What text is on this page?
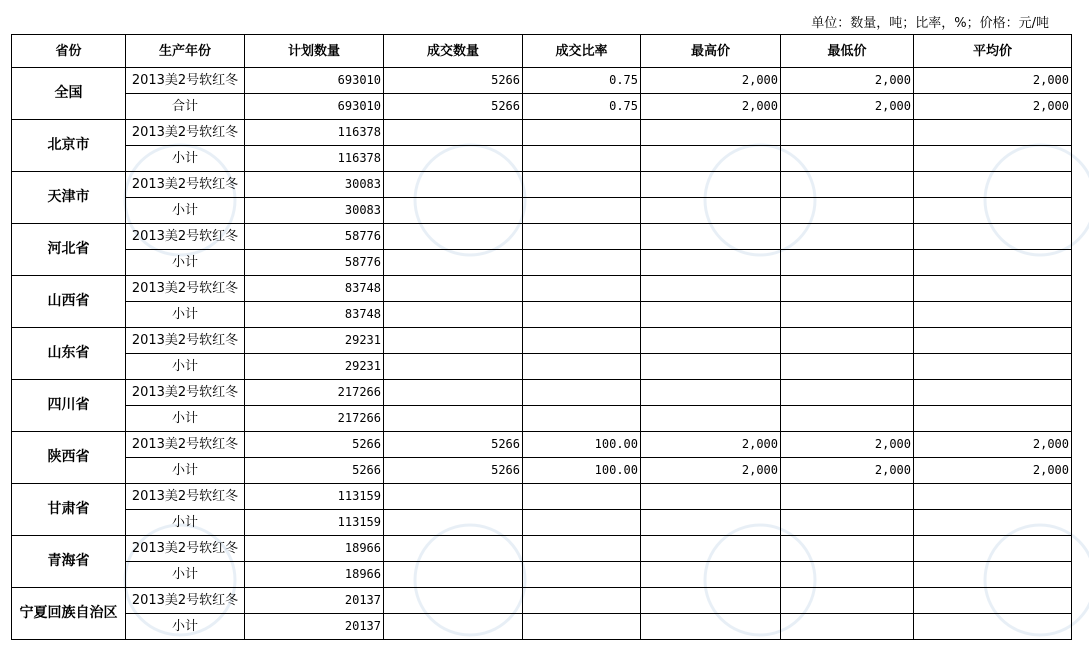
单位：数量，吨；比率，%；价格：元/吨
省份	生产年份	计划数量	成交数量	成交比率	最高价	最低价	平均价
全国	2013美2号软红冬	693010	5266	0.75	2,000	2,000	2,000
	合计	693010	5266	0.75	2,000	2,000	2,000
北京市	2013美2号软红冬	116378					
	小计	116378					
天津市	2013美2号软红冬	30083					
	小计	30083					
河北省	2013美2号软红冬	58776					
	小计	58776					
山西省	2013美2号软红冬	83748					
	小计	83748					
山东省	2013美2号软红冬	29231					
	小计	29231					
四川省	2013美2号软红冬	217266					
	小计	217266					
陕西省	2013美2号软红冬	5266	5266	100.00	2,000	2,000	2,000
	小计	5266	5266	100.00	2,000	2,000	2,000
甘肃省	2013美2号软红冬	113159					
	小计	113159					
青海省	2013美2号软红冬	18966					
	小计	18966					
宁夏回族自治区	2013美2号软红冬	20137					
	小计	20137					
